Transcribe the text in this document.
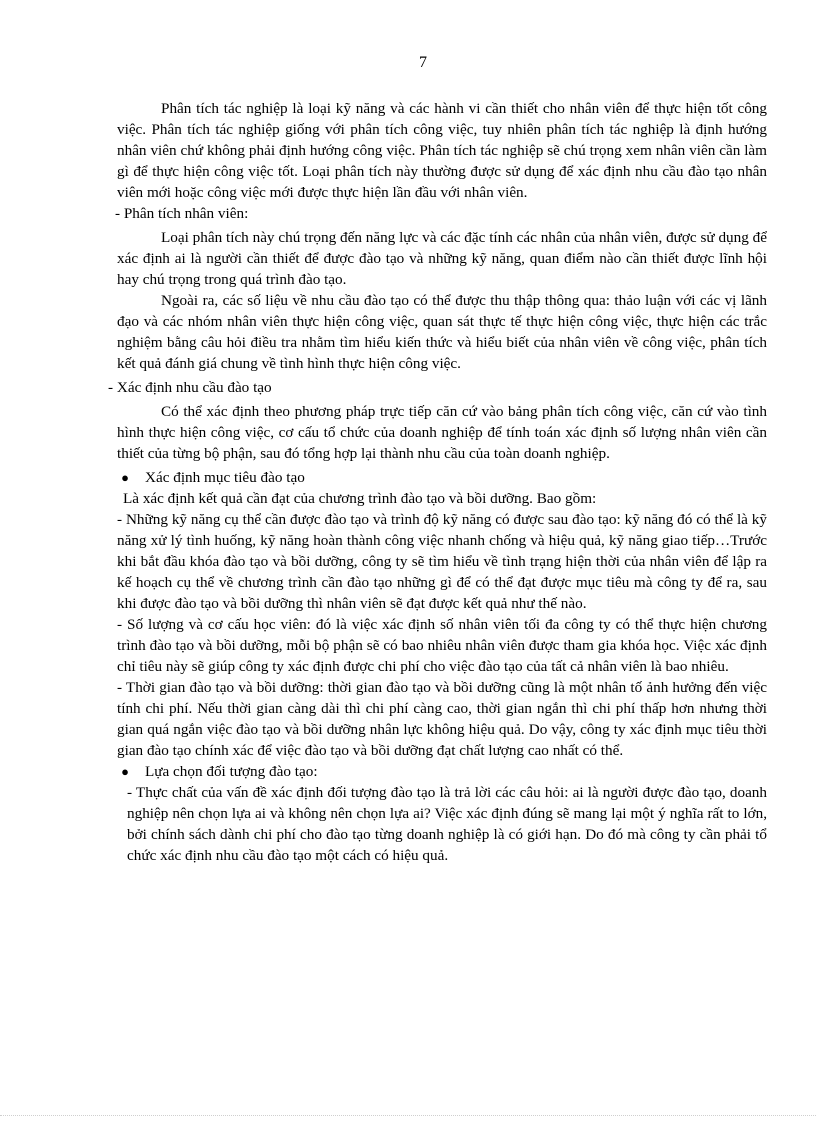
7

Phân tích tác nghiệp là loại kỹ năng và các hành vi cần thiết cho nhân viên để thực hiện tốt công việc. Phân tích tác nghiệp giống với phân tích công việc, tuy nhiên phân tích tác nghiệp là định hướng nhân viên chứ không phải định hướng công việc. Phân tích tác nghiệp sẽ chú trọng xem nhân viên cần làm gì để thực hiện công việc tốt. Loại phân tích này thường được sử dụng để xác định nhu cầu đào tạo nhân viên mới hoặc công việc mới được thực hiện lần đầu với nhân viên.

- Phân tích nhân viên:

Loại phân tích này chú trọng đến năng lực và các đặc tính các nhân của nhân viên, được sử dụng để xác định ai là người cần thiết để được đào tạo và những kỹ năng, quan điểm nào cần thiết được lĩnh hội hay chú trọng trong quá trình đào tạo.

Ngoài ra, các số liệu về nhu cầu đào tạo có thể được thu thập thông qua: thảo luận với các vị lãnh đạo và các nhóm nhân viên thực hiện công việc, quan sát thực tế thực hiện công việc, thực hiện các trắc nghiệm bằng câu hỏi điều tra nhằm tìm hiểu kiến thức và hiểu biết của nhân viên về công việc, phân tích kết quả đánh giá chung về tình hình thực hiện công việc.

- Xác định nhu cầu đào tạo

Có thể xác định theo phương pháp trực tiếp căn cứ vào bảng phân tích công việc, căn cứ vào tình hình thực hiện công việc, cơ cấu tổ chức của doanh nghiệp để tính toán xác định số lượng nhân viên cần thiết của từng bộ phận, sau đó tổng hợp lại thành nhu cầu của toàn doanh nghiệp.

●	Xác định mục tiêu đào tạo

Là xác định kết quả cần đạt của chương trình đào tạo và bồi dưỡng. Bao gồm:

- Những kỹ năng cụ thể cần được đào tạo và trình độ kỹ năng có được sau đào tạo: kỹ năng đó có thể là kỹ năng xử lý tình huống, kỹ năng hoàn thành công việc nhanh chống và hiệu quả, kỹ năng giao tiếp…Trước khi bắt đầu khóa đào tạo và bồi dưỡng, công ty sẽ tìm hiểu về tình trạng hiện thời của nhân viên để lập ra kế hoạch cụ thể về chương trình cần đào tạo những gì để có thể đạt được mục tiêu mà công ty để ra, sau khi được đào tạo và bồi dưỡng thì nhân viên sẽ đạt được kết quả như thế nào.

- Số lượng và cơ cấu học viên: đó là việc xác định số nhân viên tối đa công ty có thể thực hiện chương trình đào tạo và bồi dưỡng, mỗi bộ phận sẽ có bao nhiêu nhân viên được tham gia khóa học. Việc xác định chỉ tiêu này sẽ giúp công ty xác định được chi phí cho việc đào tạo của tất cả nhân viên là bao nhiêu.

- Thời gian đào tạo và bồi dưỡng: thời gian đào tạo và bồi dưỡng cũng là một nhân tố ảnh hưởng đến việc tính chi phí. Nếu thời gian càng dài thì chi phí càng cao, thời gian ngắn thì chi phí thấp hơn nhưng thời gian quá ngắn việc đào tạo và bồi dưỡng nhân lực không hiệu quả. Do vậy, công ty xác định mục tiêu thời gian đào tạo chính xác để việc đào tạo và bồi dưỡng đạt chất lượng cao nhất có thể.

●	Lựa chọn đối tượng đào tạo:

- Thực chất của vấn đề xác định đối tượng đào tạo là trả lời các câu hỏi: ai là người được đào tạo, doanh nghiệp nên chọn lựa ai và không nên chọn lựa ai? Việc xác định đúng sẽ mang lại một ý nghĩa rất to lớn, bởi chính sách dành chi phí cho đào tạo từng doanh nghiệp là có giới hạn. Do đó mà công ty cần phải tổ chức xác định nhu cầu đào tạo một cách có hiệu quả.
